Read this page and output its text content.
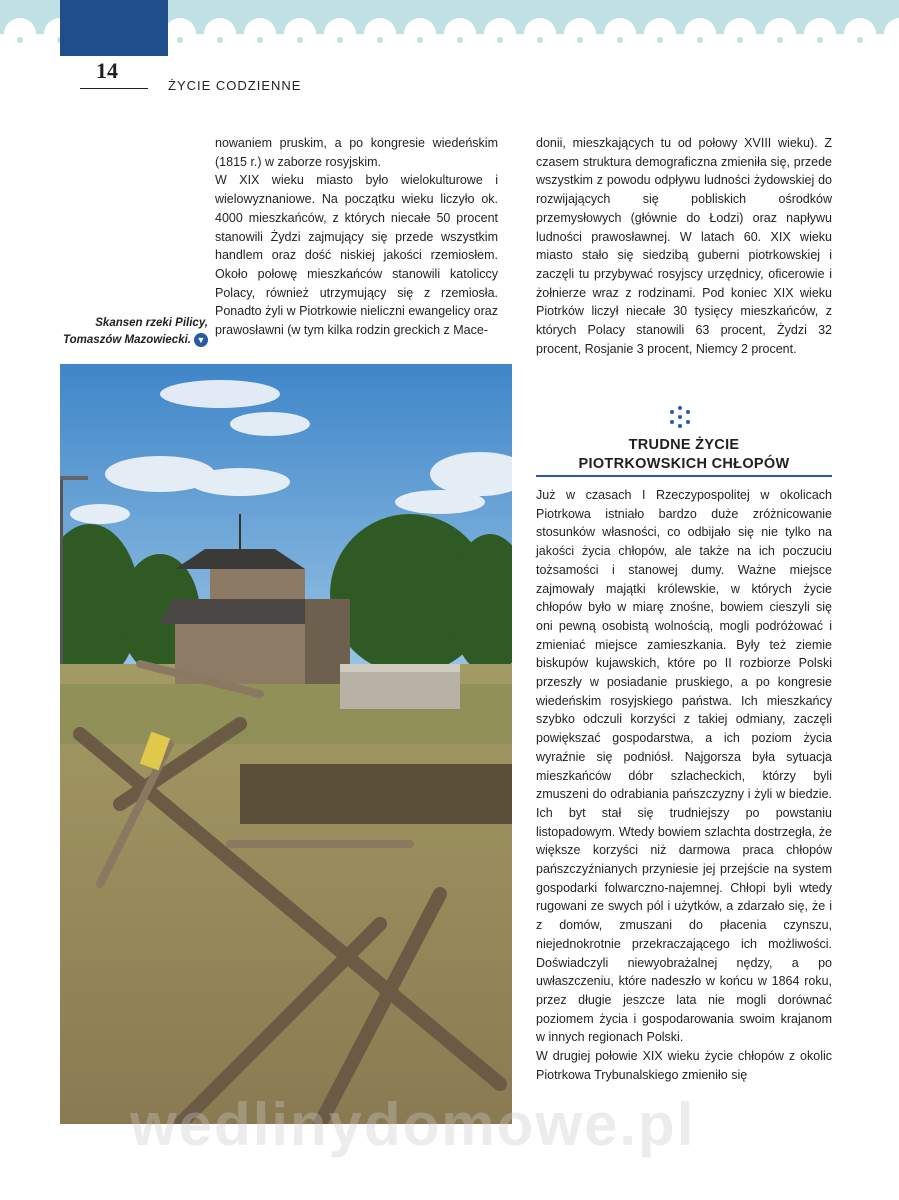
14
ŻYCIE CODZIENNE
Skansen rzeki Pilicy,
Tomaszów Mazowiecki. ▼

nowaniem pruskim, a po kongresie wiedeńskim (1815 r.) w zaborze rosyjskim.

W XIX wieku miasto było wielokulturowe i wielowyznaniowe. Na początku wieku liczyło ok. 4000 mieszkańców, z których niecałe 50 procent stanowili Żydzi zajmujący się przede wszystkim handlem oraz dość niskiej jakości rzemiosłem. Około połowę mieszkańców stanowili katoliccy Polacy, również utrzymujący się z rzemiosła. Ponadto żyli w Piotrkowie nieliczni ewangelicy oraz prawosławni (w tym kilka rodzin greckich z Mace-

donii, mieszkających tu od połowy XVIII wieku). Z czasem struktura demograficzna zmieniła się, przede wszystkim z powodu odpływu ludności żydowskiej do rozwijających się pobliskich ośrodków przemysłowych (głównie do Łodzi) oraz napływu ludności prawosławnej. W latach 60. XIX wieku miasto stało się siedzibą guberni piotrkowskiej i zaczęli tu przybywać rosyjscy urzędnicy, oficerowie i żołnierze wraz z rodzinami. Pod koniec XIX wieku Piotrków liczył niecałe 30 tysięcy mieszkańców, z których Polacy stanowili 63 procent, Żydzi 32 procent, Rosjanie 3 procent, Niemcy 2 procent.

TRUDNE ŻYCIE
PIOTRKOWSKICH CHŁOPÓW

Już w czasach I Rzeczypospolitej w okolicach Piotrkowa istniało bardzo duże zróżnicowanie stosunków własności, co odbijało się nie tylko na jakości życia chłopów, ale także na ich poczuciu tożsamości i stanowej dumy. Ważne miejsce zajmowały majątki królewskie, w których życie chłopów było w miarę znośne, bowiem cieszyli się oni pewną osobistą wolnością, mogli podróżować i zmieniać miejsce zamieszkania. Były też ziemie biskupów kujawskich, które po II rozbiorze Polski przeszły w posiadanie pruskiego, a po kongresie wiedeńskim rosyjskiego państwa. Ich mieszkańcy szybko odczuli korzyści z takiej odmiany, zaczęli powiększać gospodarstwa, a ich poziom życia wyraźnie się podniósł. Najgorsza była sytuacja mieszkańców dóbr szlacheckich, którzy byli zmuszeni do odrabiania pańszczyzny i żyli w biedzie. Ich byt stał się trudniejszy po powstaniu listopadowym. Wtedy bowiem szlachta dostrzegła, że większe korzyści niż darmowa praca chłopów pańszczyźnianych przyniesie jej przejście na system gospodarki folwarczno-najemnej. Chłopi byli wtedy rugowani ze swych pól i użytków, a zdarzało się, że i z domów, zmuszani do płacenia czynszu, niejednokrotnie przekraczającego ich możliwości. Doświadczyli niewyobrażalnej nędzy, a po uwłaszczeniu, które nadeszło w końcu w 1864 roku, przez długie jeszcze lata nie mogli dorównać poziomem życia i gospodarowania swoim krajanom w innych regionach Polski.

W drugiej połowie XIX wieku życie chłopów z okolic Piotrkowa Trybunalskiego zmieniło się

wedlinydomowe.pl
